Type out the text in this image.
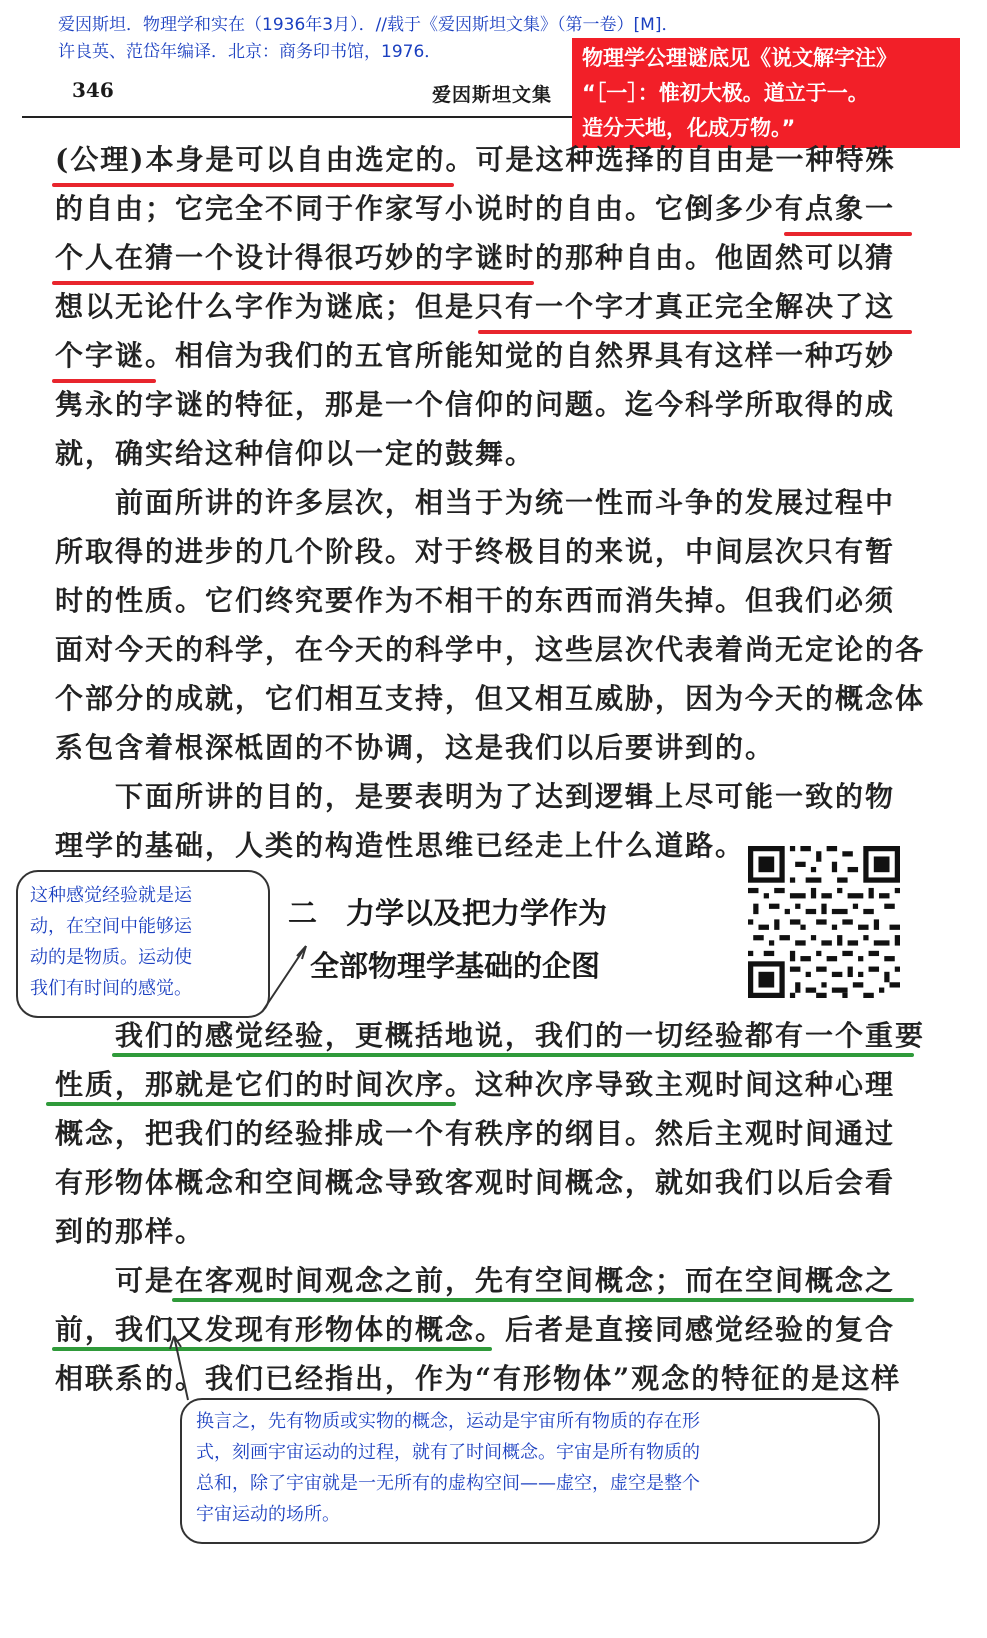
爱因斯坦．物理学和实在（1936年3月）．//载于《爱因斯坦文集》（第一卷）[M]．
许良英、范岱年编译．北京：商务印书馆，1976．
346	爱因斯坦文集
物理学公理谜底见《说文解字注》
“［一］：惟初大极。道立于一。
造分天地，化成万物。”
(公理)本身是可以自由选定的。可是这种选择的自由是一种特殊
的自由；它完全不同于作家写小说时的自由。它倒多少有点象一
个人在猜一个设计得很巧妙的字谜时的那种自由。他固然可以猜
想以无论什么字作为谜底；但是只有一个字才真正完全解决了这
个字谜。相信为我们的五官所能知觉的自然界具有这样一种巧妙
隽永的字谜的特征，那是一个信仰的问题。迄今科学所取得的成
就，确实给这种信仰以一定的鼓舞。
前面所讲的许多层次，相当于为统一性而斗争的发展过程中
所取得的进步的几个阶段。对于终极目的来说，中间层次只有暂
时的性质。它们终究要作为不相干的东西而消失掉。但我们必须
面对今天的科学，在今天的科学中，这些层次代表着尚无定论的各
个部分的成就，它们相互支持，但又相互威胁，因为今天的概念体
系包含着根深柢固的不协调，这是我们以后要讲到的。
下面所讲的目的，是要表明为了达到逻辑上尽可能一致的物
理学的基础，人类的构造性思维已经走上什么道路。
二　力学以及把力学作为
全部物理学基础的企图
这种感觉经验就是运
动，在空间中能够运
动的是物质。运动使
我们有时间的感觉。
我们的感觉经验，更概括地说，我们的一切经验都有一个重要
性质，那就是它们的时间次序。这种次序导致主观时间这种心理
概念，把我们的经验排成一个有秩序的纲目。然后主观时间通过
有形物体概念和空间概念导致客观时间概念，就如我们以后会看
到的那样。
可是在客观时间观念之前，先有空间概念；而在空间概念之
前，我们又发现有形物体的概念。后者是直接同感觉经验的复合
相联系的。我们已经指出，作为“有形物体”观念的特征的是这样
换言之，先有物质或实物的概念，运动是宇宙所有物质的存在形
式，刻画宇宙运动的过程，就有了时间概念。宇宙是所有物质的
总和，除了宇宙就是一无所有的虚构空间——虚空，虚空是整个
宇宙运动的场所。
